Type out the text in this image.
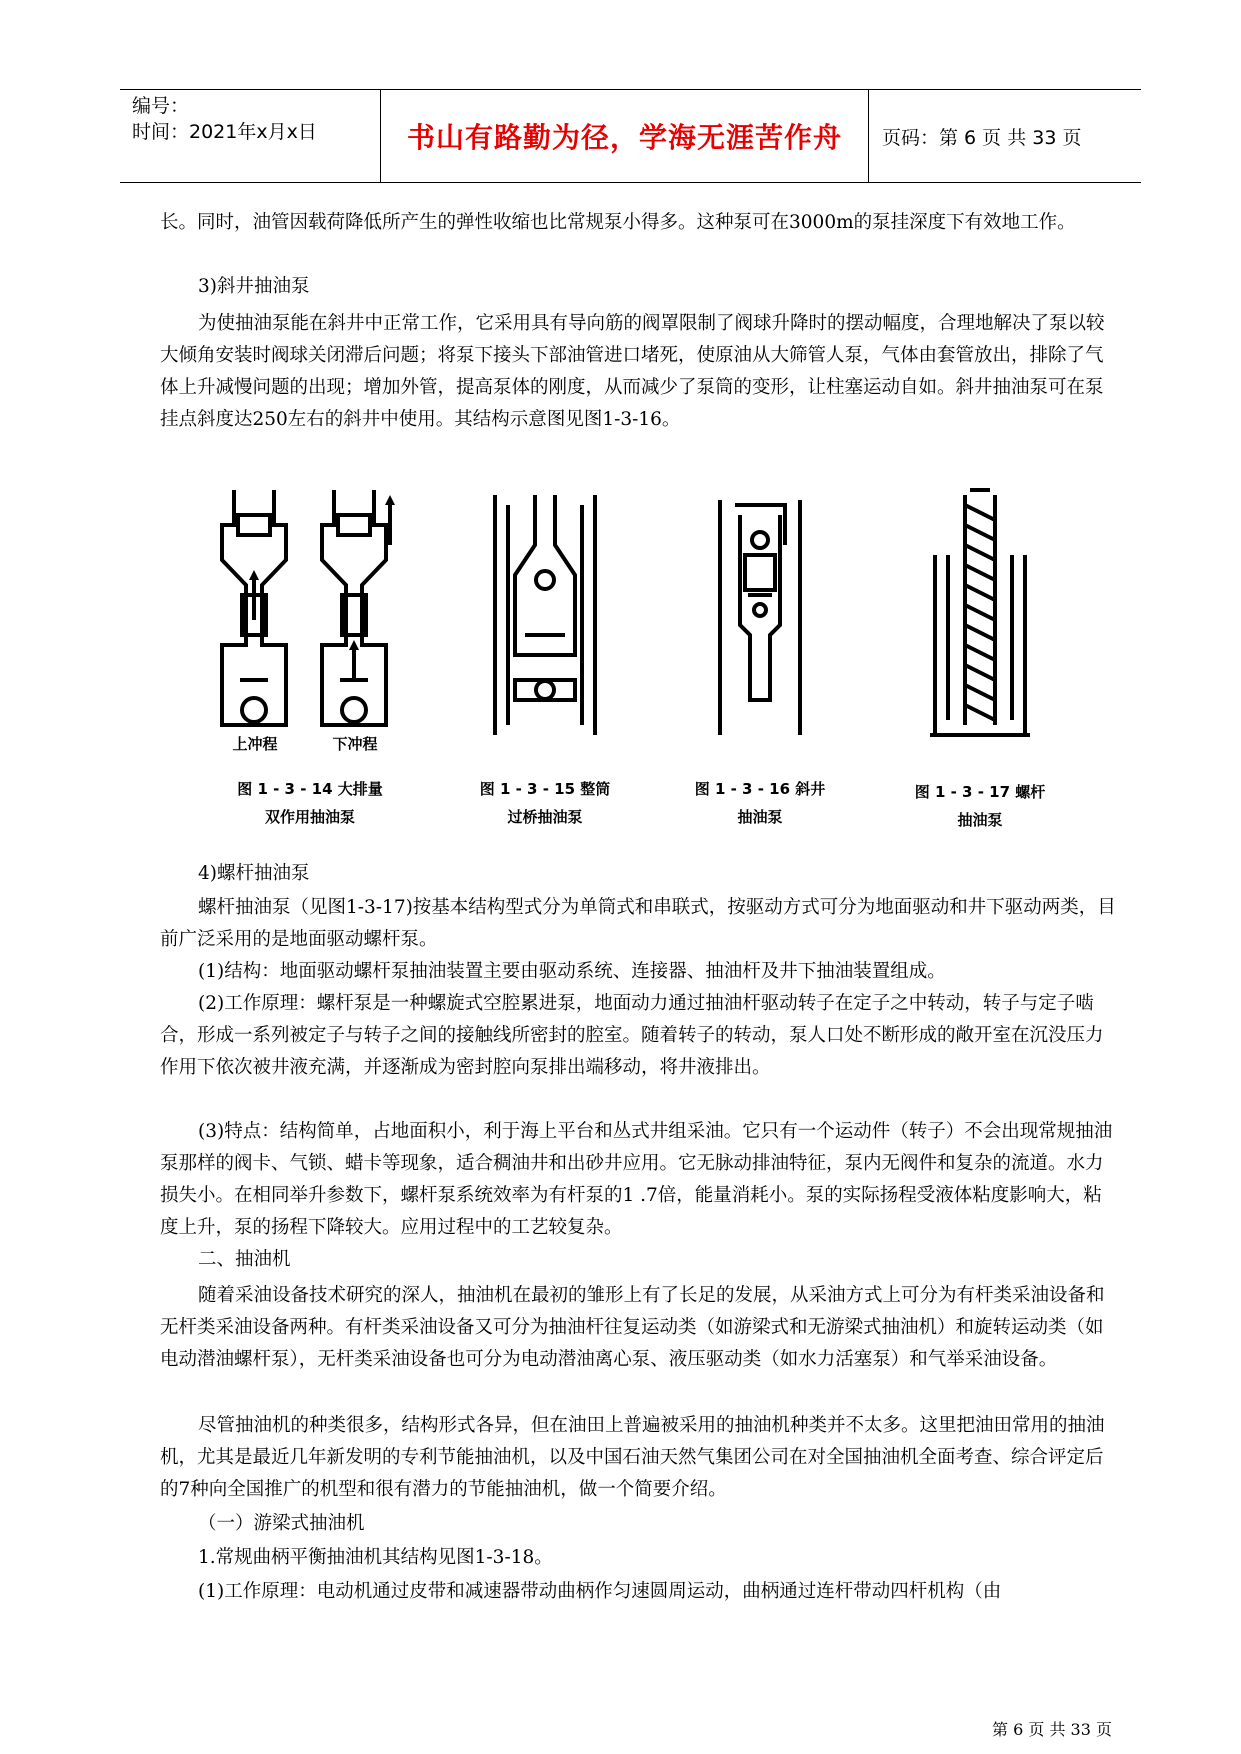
编号：
时间：2021年x月x日	书山有路勤为径，学海无涯苦作舟 页码：第 6 页 共 33 页

长。同时，油管因载荷降低所产生的弹性收缩也比常规泵小得多。这种泵可在3000m的泵挂深度下有效地工作。

3)斜井抽油泵

为使抽油泵能在斜井中正常工作，它采用具有导向筋的阀罩限制了阀球升降时的摆动幅度，合理地解决了泵以较大倾角安装时阀球关闭滞后问题；将泵下接头下部油管进口堵死，使原油从大筛管人泵，气体由套管放出，排除了气体上升减慢问题的出现；增加外管，提高泵体的刚度，从而减少了泵筒的变形，让柱塞运动自如。斜井抽油泵可在泵挂点斜度达250左右的斜井中使用。其结构示意图见图1-3-16。

上冲程	下冲程
图 1 - 3 - 14 大排量
双作用抽油泵
图 1 - 3 - 15 整筒
过桥抽油泵
图 1 - 3 - 16 斜井
抽油泵
图 1 - 3 - 17 螺杆
抽油泵

4)螺杆抽油泵

螺杆抽油泵（见图1-3-17)按基本结构型式分为单筒式和串联式，按驱动方式可分为地面驱动和井下驱动两类，目前广泛采用的是地面驱动螺杆泵。

(1)结构：地面驱动螺杆泵抽油装置主要由驱动系统、连接器、抽油杆及井下抽油装置组成。

(2)工作原理：螺杆泵是一种螺旋式空腔累进泵，地面动力通过抽油杆驱动转子在定子之中转动，转子与定子啮合，形成一系列被定子与转子之间的接触线所密封的腔室。随着转子的转动，泵人口处不断形成的敞开室在沉没压力作用下依次被井液充满，并逐渐成为密封腔向泵排出端移动，将井液排出。

(3)特点：结构简单，占地面积小，利于海上平台和丛式井组采油。它只有一个运动件（转子）不会出现常规抽油泵那样的阀卡、气锁、蜡卡等现象，适合稠油井和出砂井应用。它无脉动排油特征，泵内无阀件和复杂的流道。水力损失小。在相同举升参数下，螺杆泵系统效率为有杆泵的1 .7倍，能量消耗小。泵的实际扬程受液体粘度影响大，粘度上升，泵的扬程下降较大。应用过程中的工艺较复杂。

二、抽油机

随着采油设备技术研究的深人，抽油机在最初的雏形上有了长足的发展，从采油方式上可分为有杆类采油设备和无杆类采油设备两种。有杆类采油设备又可分为抽油杆往复运动类（如游梁式和无游梁式抽油机）和旋转运动类（如电动潜油螺杆泵），无杆类采油设备也可分为电动潜油离心泵、液压驱动类（如水力活塞泵）和气举采油设备。

尽管抽油机的种类很多，结构形式各异，但在油田上普遍被采用的抽油机种类并不太多。这里把油田常用的抽油机，尤其是最近几年新发明的专利节能抽油机，以及中国石油天然气集团公司在对全国抽油机全面考查、综合评定后的7种向全国推广的机型和很有潜力的节能抽油机，做一个简要介绍。

（一）游梁式抽油机

1.常规曲柄平衡抽油机其结构见图1-3-18。

(1)工作原理：电动机通过皮带和减速器带动曲柄作匀速圆周运动，曲柄通过连杆带动四杆机构（由

第 6 页 共 33 页
